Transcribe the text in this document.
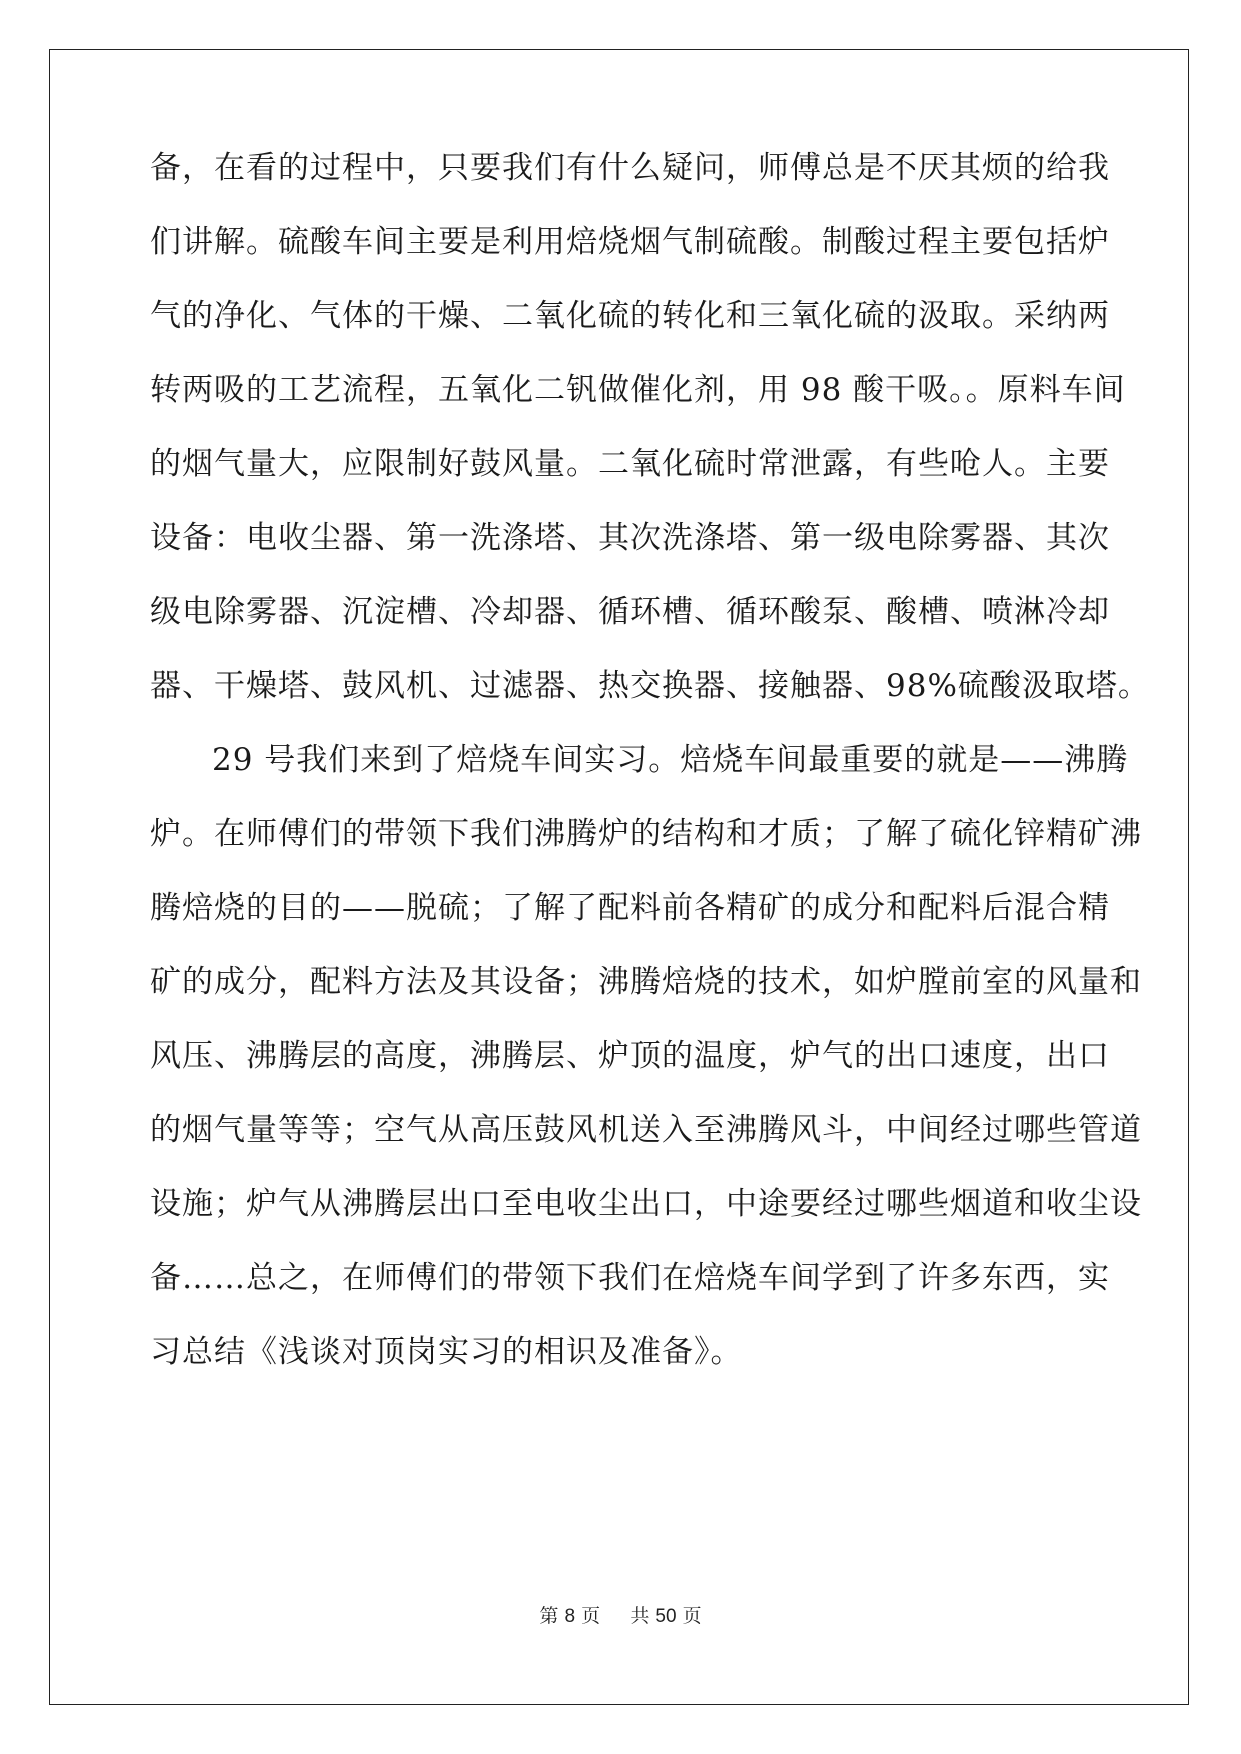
备，在看的过程中，只要我们有什么疑问，师傅总是不厌其烦的给我
们讲解。硫酸车间主要是利用焙烧烟气制硫酸。制酸过程主要包括炉
气的净化、气体的干燥、二氧化硫的转化和三氧化硫的汲取。采纳两
转两吸的工艺流程，五氧化二钒做催化剂，用 98 酸干吸。。原料车间
的烟气量大，应限制好鼓风量。二氧化硫时常泄露，有些呛人。主要
设备：电收尘器、第一洗涤塔、其次洗涤塔、第一级电除雾器、其次
级电除雾器、沉淀槽、冷却器、循环槽、循环酸泵、酸槽、喷淋冷却
器、干燥塔、鼓风机、过滤器、热交换器、接触器、98%硫酸汲取塔。
29 号我们来到了焙烧车间实习。焙烧车间最重要的就是——沸腾
炉。在师傅们的带领下我们沸腾炉的结构和才质；了解了硫化锌精矿沸
腾焙烧的目的——脱硫；了解了配料前各精矿的成分和配料后混合精
矿的成分，配料方法及其设备；沸腾焙烧的技术，如炉膛前室的风量和
风压、沸腾层的高度，沸腾层、炉顶的温度，炉气的出口速度，出口
的烟气量等等；空气从高压鼓风机送入至沸腾风斗，中间经过哪些管道
设施；炉气从沸腾层出口至电收尘出口，中途要经过哪些烟道和收尘设
备……总之，在师傅们的带领下我们在焙烧车间学到了许多东西，实
习总结《浅谈对顶岗实习的相识及准备》。
第 8 页 共 50 页
